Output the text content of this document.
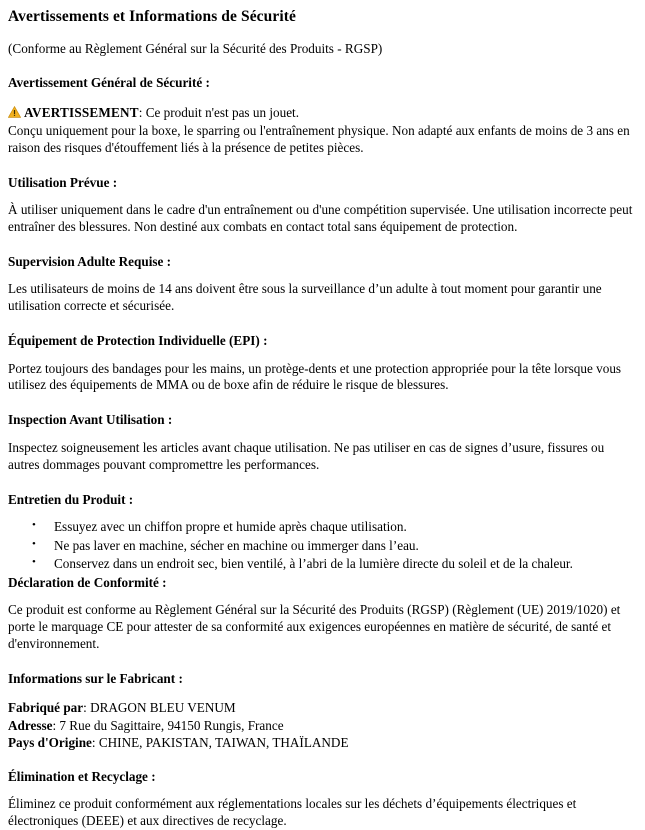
Avertissements et Informations de Sécurité

(Conforme au Règlement Général sur la Sécurité des Produits - RGSP)

Avertissement Général de Sécurité :

AVERTISSEMENT: Ce produit n'est pas un jouet.

Conçu uniquement pour la boxe, le sparring ou l'entraînement physique. Non adapté aux enfants de moins de 3 ans en raison des risques d'étouffement liés à la présence de petites pièces.

Utilisation Prévue :

À utiliser uniquement dans le cadre d'un entraînement ou d'une compétition supervisée. Une utilisation incorrecte peut entraîner des blessures. Non destiné aux combats en contact total sans équipement de protection.

Supervision Adulte Requise :

Les utilisateurs de moins de 14 ans doivent être sous la surveillance d’un adulte à tout moment pour garantir une utilisation correcte et sécurisée.

Équipement de Protection Individuelle (EPI) :

Portez toujours des bandages pour les mains, un protège-dents et une protection appropriée pour la tête lorsque vous utilisez des équipements de MMA ou de boxe afin de réduire le risque de blessures.

Inspection Avant Utilisation :

Inspectez soigneusement les articles avant chaque utilisation. Ne pas utiliser en cas de signes d’usure, fissures ou autres dommages pouvant compromettre les performances.

Entretien du Produit :
• Essuyez avec un chiffon propre et humide après chaque utilisation.
• Ne pas laver en machine, sécher en machine ou immerger dans l’eau.
• Conservez dans un endroit sec, bien ventilé, à l’abri de la lumière directe du soleil et de la chaleur.
Déclaration de Conformité :

Ce produit est conforme au Règlement Général sur la Sécurité des Produits (RGSP) (Règlement (UE) 2019/1020) et porte le marquage CE pour attester de sa conformité aux exigences européennes en matière de sécurité, de santé et d'environnement.

Informations sur le Fabricant :

Fabriqué par: DRAGON BLEU VENUM

Adresse: 7 Rue du Sagittaire, 94150 Rungis, France

Pays d'Origine: CHINE, PAKISTAN, TAIWAN, THAÏLANDE

Élimination et Recyclage :

Éliminez ce produit conformément aux réglementations locales sur les déchets d’équipements électriques et électroniques (DEEE) et aux directives de recyclage.
